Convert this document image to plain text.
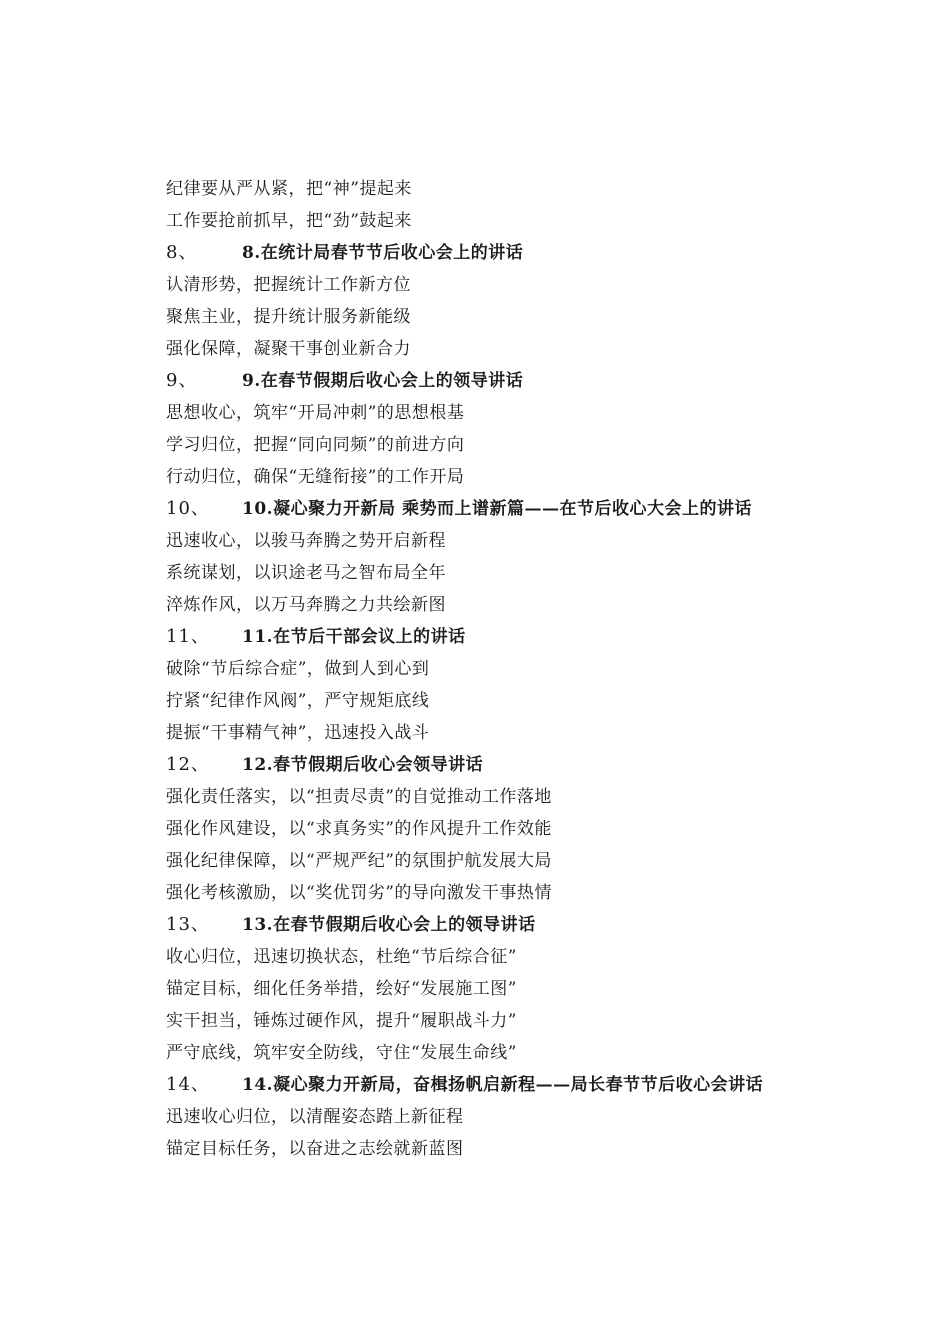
纪律要从严从紧，把“神”提起来
工作要抢前抓早，把“劲”鼓起来
8、	8.在统计局春节节后收心会上的讲话
认清形势，把握统计工作新方位
聚焦主业，提升统计服务新能级
强化保障，凝聚干事创业新合力
9、	9.在春节假期后收心会上的领导讲话
思想收心，筑牢“开局冲刺”的思想根基
学习归位，把握“同向同频”的前进方向
行动归位，确保“无缝衔接”的工作开局
10、	10.凝心聚力开新局 乘势而上谱新篇——在节后收心大会上的讲话
迅速收心，以骏马奔腾之势开启新程
系统谋划，以识途老马之智布局全年
淬炼作风，以万马奔腾之力共绘新图
11、	11.在节后干部会议上的讲话
破除“节后综合症”，做到人到心到
拧紧“纪律作风阀”，严守规矩底线
提振“干事精气神”，迅速投入战斗
12、	12.春节假期后收心会领导讲话
强化责任落实，以“担责尽责”的自觉推动工作落地
强化作风建设，以“求真务实”的作风提升工作效能
强化纪律保障，以“严规严纪”的氛围护航发展大局
强化考核激励，以“奖优罚劣”的导向激发干事热情
13、	13.在春节假期后收心会上的领导讲话
收心归位，迅速切换状态，杜绝“节后综合征”
锚定目标，细化任务举措，绘好“发展施工图”
实干担当，锤炼过硬作风，提升“履职战斗力”
严守底线，筑牢安全防线，守住“发展生命线”
14、	14.凝心聚力开新局，奋楫扬帆启新程——局长春节节后收心会讲话
迅速收心归位，以清醒姿态踏上新征程
锚定目标任务，以奋进之志绘就新蓝图
